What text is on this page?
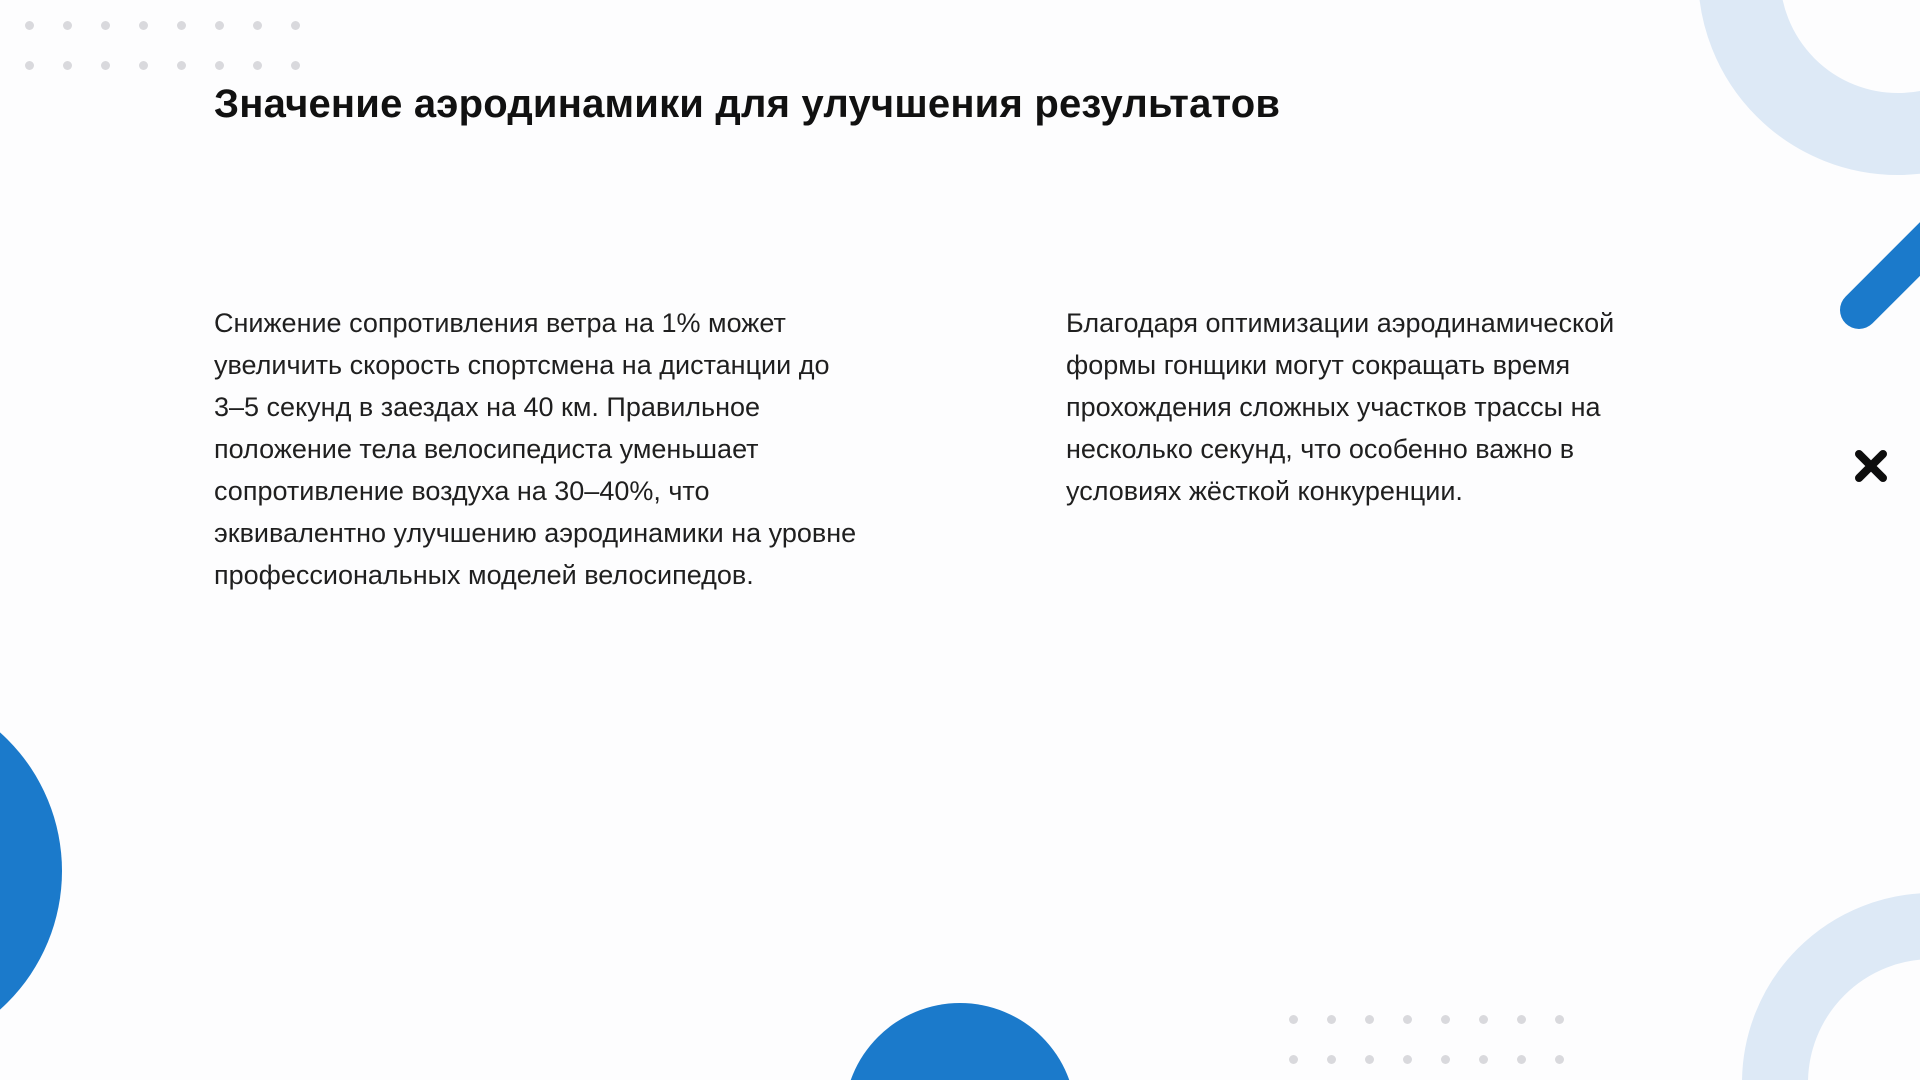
Значение аэродинамики для улучшения результатов

Снижение сопротивления ветра на 1% может увеличить скорость спортсмена на дистанции до 3–5 секунд в заездах на 40 км. Правильное положение тела велосипедиста уменьшает сопротивление воздуха на 30–40%, что эквивалентно улучшению аэродинамики на уровне профессиональных моделей велосипедов.

Благодаря оптимизации аэродинамической формы гонщики могут сокращать время прохождения сложных участков трассы на несколько секунд, что особенно важно в условиях жёсткой конкуренции.
